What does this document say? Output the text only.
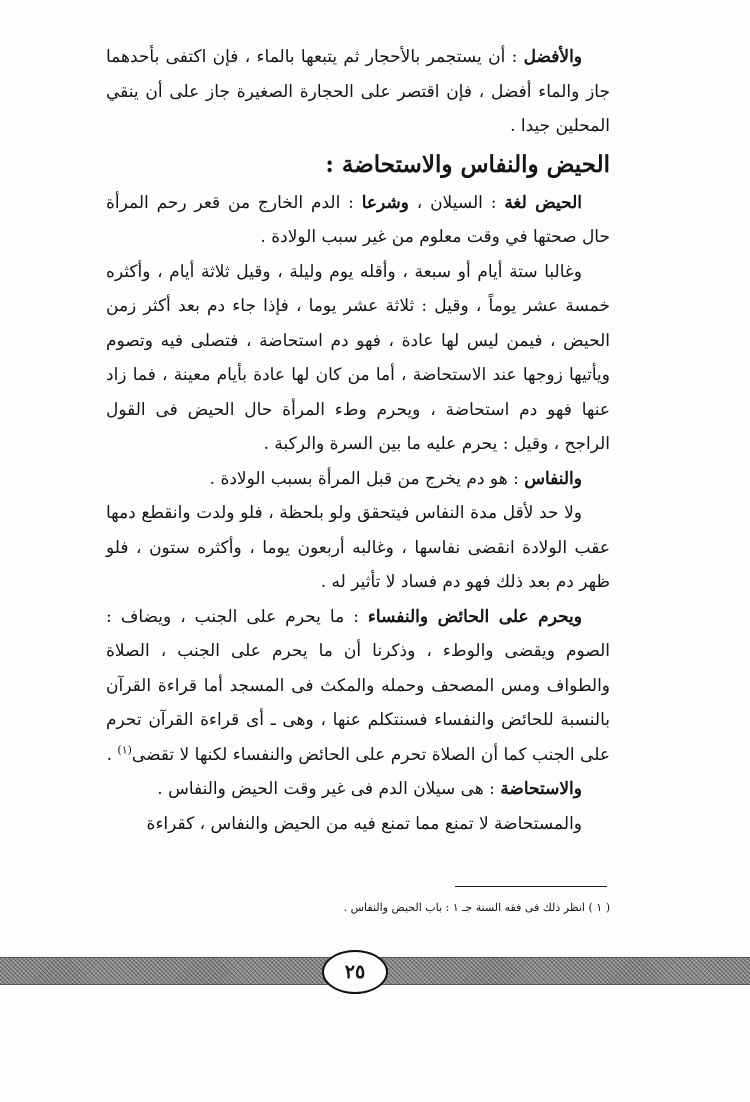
والأفضل : أن يستجمر بالأحجار ثم يتبعها بالماء ، فإن اكتفى بأحدهما جاز والماء أفضل ، فإن اقتصر على الحجارة الصغيرة جاز على أن ينقي المحلين جيدا .

الحيض والنفاس والاستحاضة :

الحيض لغة : السيلان ، وشرعا : الدم الخارج من قعر رحم المرأة حال صحتها في وقت معلوم من غير سبب الولادة .

وغالبا ستة أيام أو سبعة ، وأقله يوم وليلة ، وقيل ثلاثة أيام ، وأكثره خمسة عشر يوماً ، وقيل : ثلاثة عشر يوما ، فإذا جاء دم بعد أكثر زمن الحيض ، فيمن ليس لها عادة ، فهو دم استحاضة ، فتصلى فيه وتصوم ويأتيها زوجها عند الاستحاضة ، أما من كان لها عادة بأيام معينة ، فما زاد عنها فهو دم استحاضة ، ويحرم وطء المرأة حال الحيض فى القول الراجح ، وقيل : يحرم عليه ما بين السرة والركبة .

والنفاس : هو دم يخرج من قبل المرأة بسبب الولادة .

ولا حد لأقل مدة النفاس فيتحقق ولو بلحظة ، فلو ولدت وانقطع دمها عقب الولادة انقضى نفاسها ، وغالبه أربعون يوما ، وأكثره ستون ، فلو ظهر دم بعد ذلك فهو دم فساد لا تأثير له .

ويحرم على الحائض والنفساء : ما يحرم على الجنب ، ويضاف : الصوم ويقضى والوطء ، وذكرنا أن ما يحرم على الجنب ، الصلاة والطواف ومس المصحف وحمله والمكث فى المسجد أما قراءة القرآن بالنسبة للحائض والنفساء فسنتكلم عنها ، وهى ـ أى قراءة القرآن تحرم على الجنب كما أن الصلاة تحرم على الحائض والنفساء لكنها لا تقضى$^{(١)}$ .

والاستحاضة : هى سيلان الدم فى غير وقت الحيض والنفاس .

والمستحاضة لا تمنع مما تمنع فيه من الحيض والنفاس ، كقراءة

( ١ ) انظر ذلك فى فقه السنة جـ ١ : باب الحيض والنفاس .
٢٥
